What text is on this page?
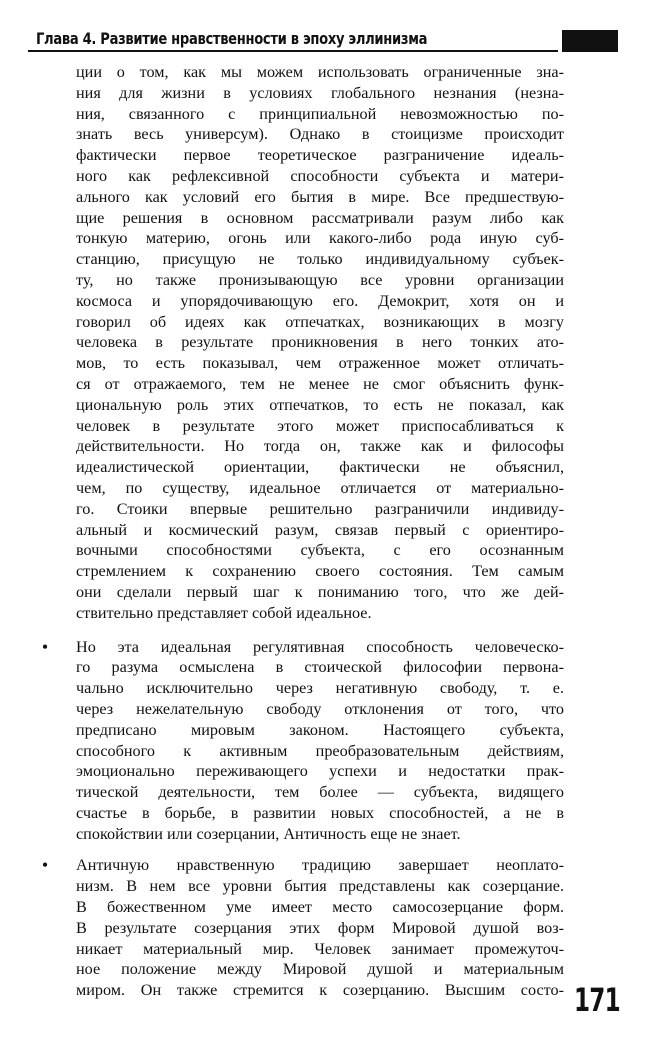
Глава 4. Развитие нравственности в эпоху эллинизма
ции о том, как мы можем использовать ограниченные зна-
ния для жизни в условиях глобального незнания (незна-
ния, связанного с принципиальной невозможностью по-
знать весь универсум). Однако в стоицизме происходит
фактически первое теоретическое разграничение идеаль-
ного как рефлексивной способности субъекта и матери-
ального как условий его бытия в мире. Все предшествую-
щие решения в основном рассматривали разум либо как
тонкую материю, огонь или какого-либо рода иную суб-
станцию, присущую не только индивидуальному субъек-
ту, но также пронизывающую все уровни организации
космоса и упорядочивающую его. Демокрит, хотя он и
говорил об идеях как отпечатках, возникающих в мозгу
человека в результате проникновения в него тонких ато-
мов, то есть показывал, чем отраженное может отличать-
ся от отражаемого, тем не менее не смог объяснить функ-
циональную роль этих отпечатков, то есть не показал, как
человек в результате этого может приспосабливаться к
действительности. Но тогда он, также как и философы
идеалистической ориентации, фактически не объяснил,
чем, по существу, идеальное отличается от материально-
го. Стоики впервые решительно разграничили индивиду-
альный и космический разум, связав первый с ориентиро-
вочными способностями субъекта, с его осознанным
стремлением к сохранению своего состояния. Тем самым
они сделали первый шаг к пониманию того, что же дей-
ствительно представляет собой идеальное.
• Но эта идеальная регулятивная способность человеческо-
го разума осмыслена в стоической философии первона-
чально исключительно через негативную свободу, т. е.
через нежелательную свободу отклонения от того, что
предписано мировым законом. Настоящего субъекта,
способного к активным преобразовательным действиям,
эмоционально переживающего успехи и недостатки прак-
тической деятельности, тем более — субъекта, видящего
счастье в борьбе, в развитии новых способностей, а не в
спокойствии или созерцании, Античность еще не знает.
• Античную нравственную традицию завершает неоплато-
низм. В нем все уровни бытия представлены как созерцание.
В божественном уме имеет место самосозерцание форм.
В результате созерцания этих форм Мировой душой воз-
никает материальный мир. Человек занимает промежуточ-
ное положение между Мировой душой и материальным
миром. Он также стремится к созерцанию. Высшим состо- 171
